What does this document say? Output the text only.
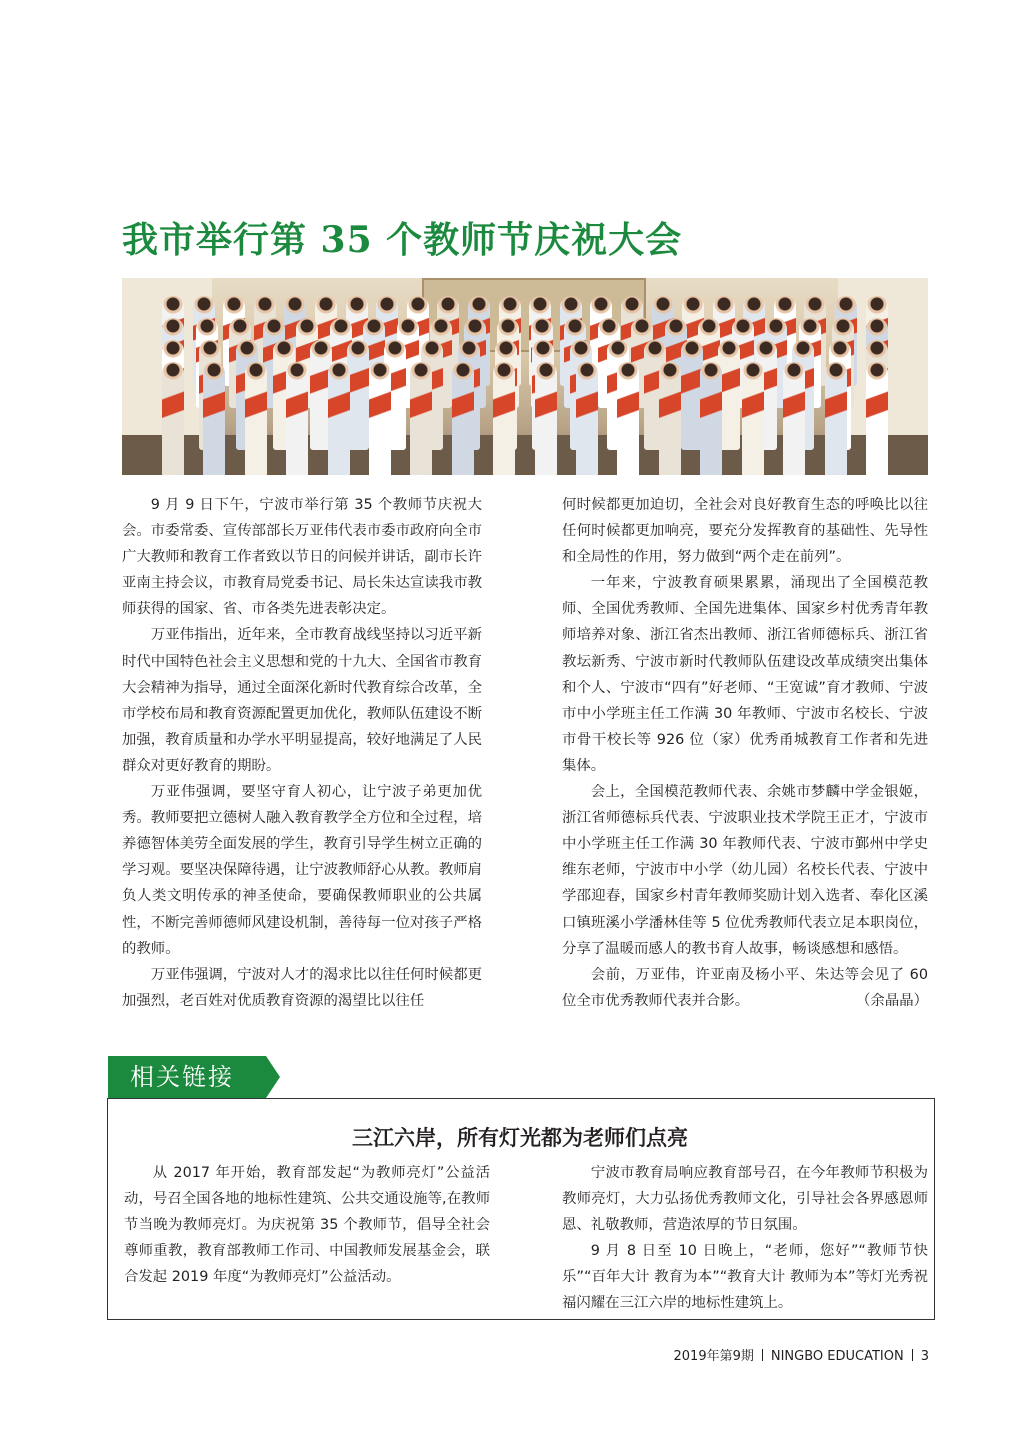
我市举行第 35 个教师节庆祝大会

9 月 9 日下午，宁波市举行第 35 个教师节庆祝大会。市委常委、宣传部部长万亚伟代表市委市政府向全市广大教师和教育工作者致以节日的问候并讲话，副市长许亚南主持会议，市教育局党委书记、局长朱达宣读我市教师获得的国家、省、市各类先进表彰决定。

万亚伟指出，近年来，全市教育战线坚持以习近平新时代中国特色社会主义思想和党的十九大、全国省市教育大会精神为指导，通过全面深化新时代教育综合改革，全市学校布局和教育资源配置更加优化，教师队伍建设不断加强，教育质量和办学水平明显提高，较好地满足了人民群众对更好教育的期盼。

万亚伟强调，要坚守育人初心，让宁波子弟更加优秀。教师要把立德树人融入教育教学全方位和全过程，培养德智体美劳全面发展的学生，教育引导学生树立正确的学习观。要坚决保障待遇，让宁波教师舒心从教。教师肩负人类文明传承的神圣使命，要确保教师职业的公共属性，不断完善师德师风建设机制，善待每一位对孩子严格的教师。

万亚伟强调，宁波对人才的渴求比以往任何时候都更加强烈，老百姓对优质教育资源的渴望比以往任

何时候都更加迫切，全社会对良好教育生态的呼唤比以往任何时候都更加响亮，要充分发挥教育的基础性、先导性和全局性的作用，努力做到“两个走在前列”。

一年来，宁波教育硕果累累，涌现出了全国模范教师、全国优秀教师、全国先进集体、国家乡村优秀青年教师培养对象、浙江省杰出教师、浙江省师德标兵、浙江省教坛新秀、宁波市新时代教师队伍建设改革成绩突出集体和个人、宁波市“四有”好老师、“王宽诚”育才教师、宁波市中小学班主任工作满 30 年教师、宁波市名校长、宁波市骨干校长等 926 位（家）优秀甬城教育工作者和先进集体。

会上，全国模范教师代表、余姚市梦麟中学金银姬，浙江省师德标兵代表、宁波职业技术学院王正才，宁波市中小学班主任工作满 30 年教师代表、宁波市鄞州中学史维东老师，宁波市中小学（幼儿园）名校长代表、宁波中学邵迎春，国家乡村青年教师奖励计划入选者、奉化区溪口镇班溪小学潘林佳等 5 位优秀教师代表立足本职岗位，分享了温暖而感人的教书育人故事，畅谈感想和感悟。

会前，万亚伟，许亚南及杨小平、朱达等会见了 60 位全市优秀教师代表并合影。	（余晶晶）

相关链接
三江六岸，所有灯光都为老师们点亮

从 2017 年开始，教育部发起“为教师亮灯”公益活动，号召全国各地的地标性建筑、公共交通设施等,在教师节当晚为教师亮灯。为庆祝第 35 个教师节，倡导全社会尊师重教，教育部教师工作司、中国教师发展基金会，联合发起 2019 年度“为教师亮灯”公益活动。

宁波市教育局响应教育部号召，在今年教师节积极为教师亮灯，大力弘扬优秀教师文化，引导社会各界感恩师恩、礼敬教师，营造浓厚的节日氛围。

9 月 8 日至 10 日晚上，“老师，您好”“教师节快乐”“百年大计 教育为本”“教育大计 教师为本”等灯光秀祝福闪耀在三江六岸的地标性建筑上。

2019年第9期 NINGBO EDUCATION 3
